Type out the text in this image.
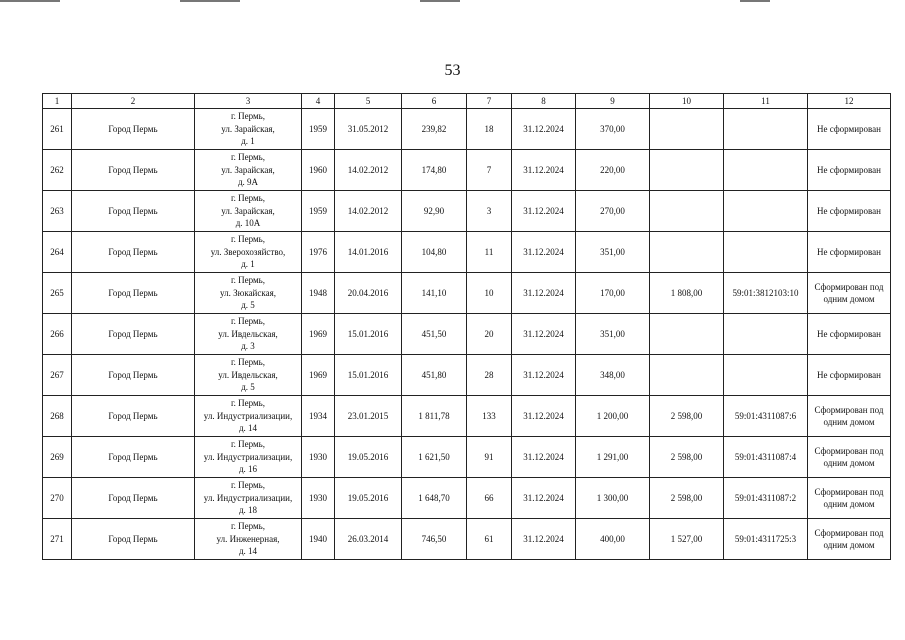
53
1	2	3	4	5	6	7	8	9	10	11	12
261	Город Пермь	г. Пермь,
ул. Зарайская,
д. 1	1959	31.05.2012	239,82	18	31.12.2024	370,00			Не сформирован
262	Город Пермь	г. Пермь,
ул. Зарайская,
д. 9А	1960	14.02.2012	174,80	7	31.12.2024	220,00			Не сформирован
263	Город Пермь	г. Пермь,
ул. Зарайская,
д. 10А	1959	14.02.2012	92,90	3	31.12.2024	270,00			Не сформирован
264	Город Пермь	г. Пермь,
ул. Зверохозяйство,
д. 1	1976	14.01.2016	104,80	11	31.12.2024	351,00			Не сформирован
265	Город Пермь	г. Пермь,
ул. Зюкайская,
д. 5	1948	20.04.2016	141,10	10	31.12.2024	170,00	1 808,00	59:01:3812103:10	Сформирован под одним домом
266	Город Пермь	г. Пермь,
ул. Ивдельская,
д. 3	1969	15.01.2016	451,50	20	31.12.2024	351,00			Не сформирован
267	Город Пермь	г. Пермь,
ул. Ивдельская,
д. 5	1969	15.01.2016	451,80	28	31.12.2024	348,00			Не сформирован
268	Город Пермь	г. Пермь,
ул. Индустриализации,
д. 14	1934	23.01.2015	1 811,78	133	31.12.2024	1 200,00	2 598,00	59:01:4311087:6	Сформирован под одним домом
269	Город Пермь	г. Пермь,
ул. Индустриализации,
д. 16	1930	19.05.2016	1 621,50	91	31.12.2024	1 291,00	2 598,00	59:01:4311087:4	Сформирован под одним домом
270	Город Пермь	г. Пермь,
ул. Индустриализации,
д. 18	1930	19.05.2016	1 648,70	66	31.12.2024	1 300,00	2 598,00	59:01:4311087:2	Сформирован под одним домом
271	Город Пермь	г. Пермь,
ул. Инженерная,
д. 14	1940	26.03.2014	746,50	61	31.12.2024	400,00	1 527,00	59:01:4311725:3	Сформирован под одним домом
